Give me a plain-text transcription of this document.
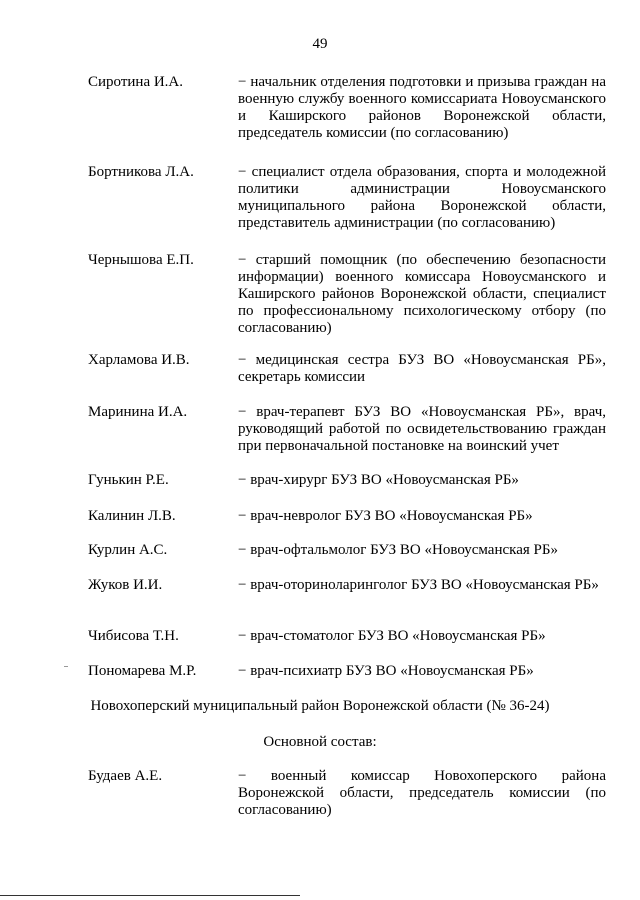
49
Сиротина И.А.	− начальник отделения подготовки и призыва граждан на военную службу военного комиссариата Новоусманского и Каширского районов Воронежской области, председатель комиссии (по согласованию)
Бортникова Л.А.	− специалист отдела образования, спорта и молодежной политики администрации Новоусманского муниципального района Воронежской области, представитель администрации (по согласованию)
Чернышова Е.П.	− старший помощник (по обеспечению безопасности информации) военного комиссара Новоусманского и Каширского районов Воронежской области, специалист по профессиональному психологическому отбору (по согласованию)
Харламова И.В.	− медицинская сестра БУЗ ВО «Новоусманская РБ», секретарь комиссии
Маринина И.А.	− врач-терапевт БУЗ ВО «Новоусманская РБ», врач, руководящий работой по освидетельствованию граждан при первоначальной постановке на воинский учет
Гунькин Р.Е.	− врач-хирург БУЗ ВО «Новоусманская РБ»
Калинин Л.В.	− врач-невролог БУЗ ВО «Новоусманская РБ»
Курлин А.С.	− врач-офтальмолог БУЗ ВО «Новоусманская РБ»
Жуков И.И.	− врач-оториноларинголог БУЗ ВО «Новоусманская РБ»
Чибисова Т.Н.	− врач-стоматолог БУЗ ВО «Новоусманская РБ»
Пономарева М.Р.	− врач-психиатр БУЗ ВО «Новоусманская РБ»
Новохоперский муниципальный район Воронежской области (№ 36-24)
Основной состав:
Будаев А.Е.	− военный комиссар Новохоперского района Воронежской области, председатель комиссии (по согласованию)
